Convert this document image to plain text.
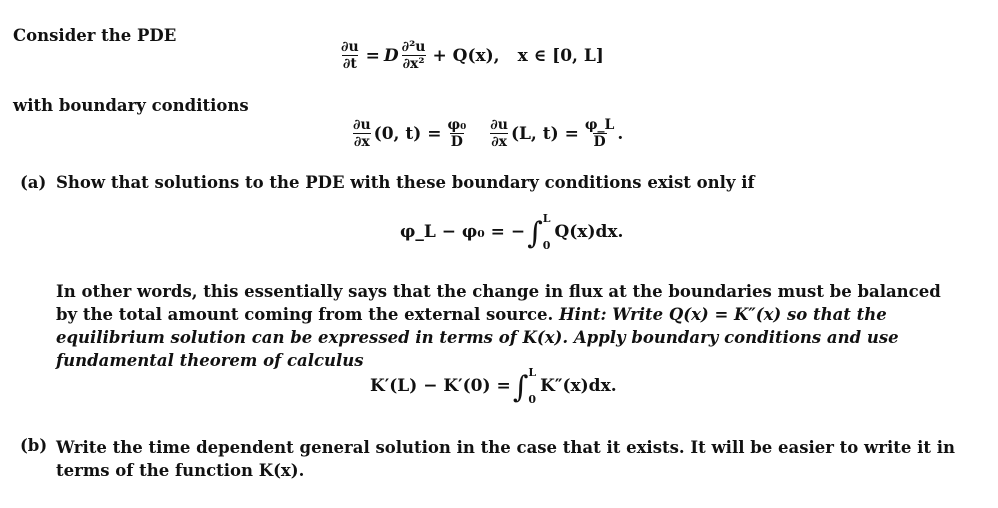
Consider the PDE
$\frac{\partial u}{\partial t} = D \frac{\text{∂²u}}{\text{∂x²}} + Q(x)$, x ∈ [0, L]
with boundary conditions
$\frac{\partial u}{\partial x} (0$, $t) = \frac{\text{φ₀}}{D} \frac{\partial u}{\partial x} (L$, $t) = \frac{\varphi\_L}{D}$ .
(a) Show that solutions to the PDE with these boundary conditions exist only if
φ_L − φ₀ = − ∫ L
0
Q(x)dx.
In other words, this essentially says that the change in flux at the boundaries must be balanced by the total amount coming from the external source. Hint: Write Q(x) = K″(x) so that the equilibrium solution can be expressed in terms of K(x). Apply boundary conditions and use fundamental theorem of calculus
K′(L) − K′(0) = ∫ L
0
K″(x)dx.
(b) Write the time dependent general solution in the case that it exists. It will be easier to write it in terms of the function K(x).
